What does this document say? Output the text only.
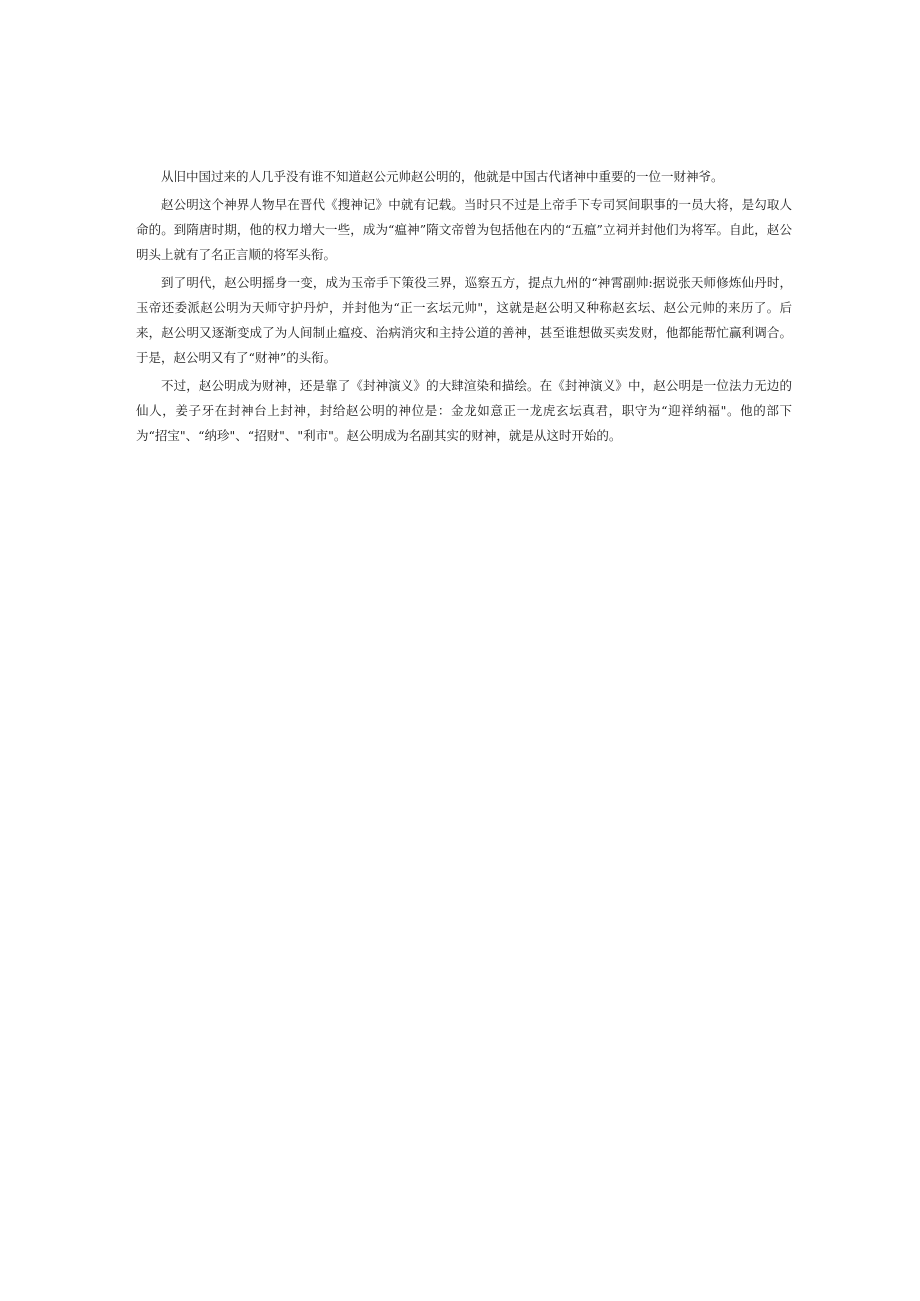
从旧中国过来的人几乎没有谁不知道赵公元帅赵公明的，他就是中国古代诸神中重要的一位一财神爷。

赵公明这个神界人物早在晋代《搜神记》中就有记载。当时只不过是上帝手下专司冥间职事的一员大将，是勾取人命的。到隋唐时期，他的权力增大一些，成为“瘟神”隋文帝曾为包括他在内的“五瘟”立祠并封他们为将军。自此，赵公明头上就有了名正言顺的将军头衔。

到了明代，赵公明摇身一变，成为玉帝手下策役三界，巡察五方，提点九州的“神霄副帅:据说张天师修炼仙丹时，玉帝还委派赵公明为天师守护丹炉，并封他为“正一玄坛元帅"，这就是赵公明又种称赵玄坛、赵公元帅的来历了。后来，赵公明又逐渐变成了为人间制止瘟疫、治病消灾和主持公道的善神，甚至谁想做买卖发财，他都能帮忙赢利调合。于是，赵公明又有了“财神”的头衔。

不过，赵公明成为财神，还是靠了《封神演义》的大肆渲染和描绘。在《封神演义》中，赵公明是一位法力无边的仙人，姜子牙在封神台上封神，封给赵公明的神位是：金龙如意正一龙虎玄坛真君，职守为“迎祥纳福"。他的部下为“招宝"、“纳珍"、“招财"、"利市"。赵公明成为名副其实的财神，就是从这时开始的。
